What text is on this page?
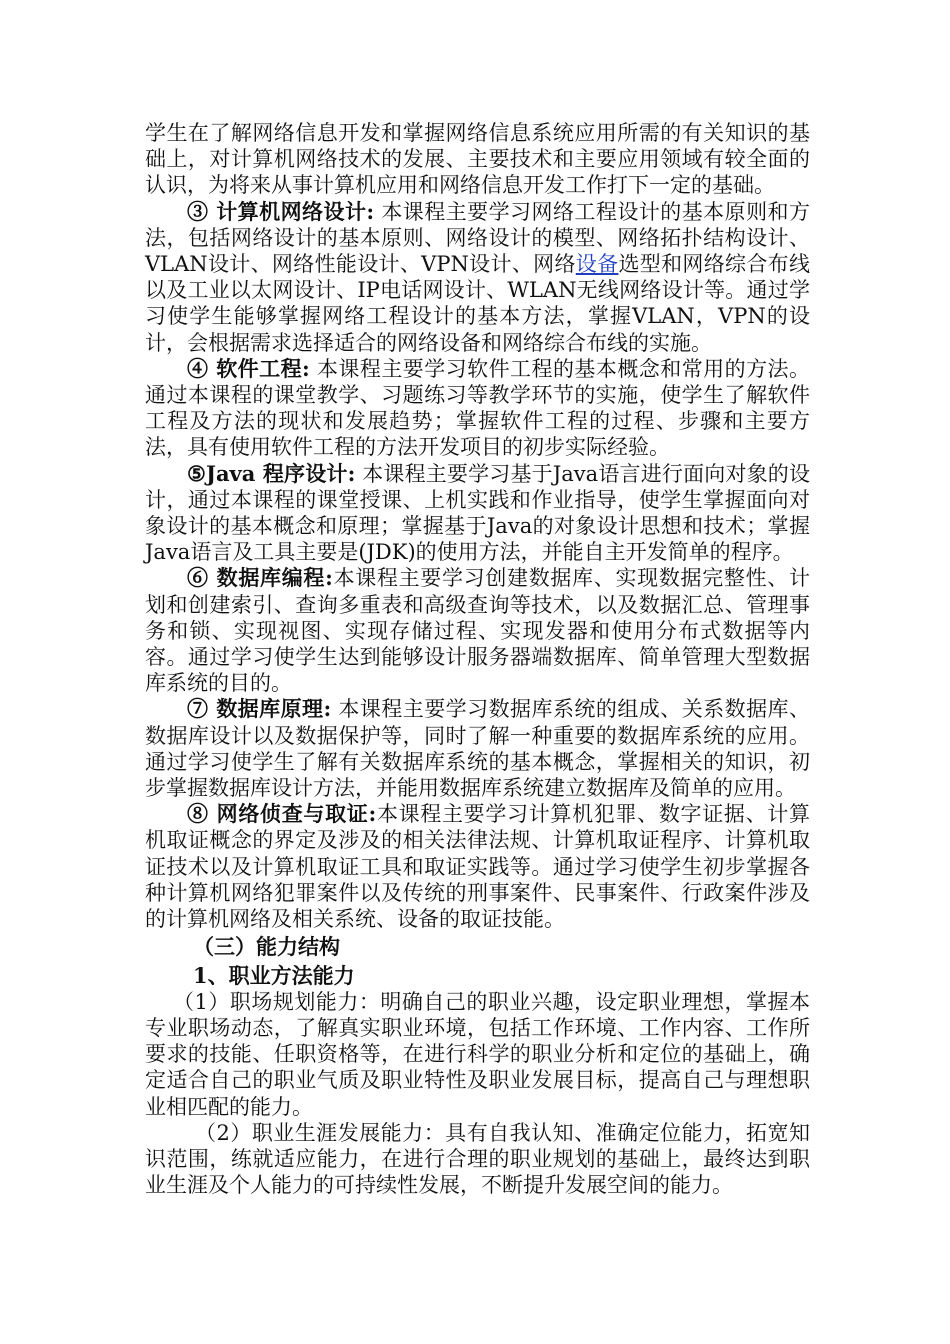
学生在了解网络信息开发和掌握网络信息系统应用所需的有关知识的基础上，对计算机网络技术的发展、主要技术和主要应用领域有较全面的认识，为将来从事计算机应用和网络信息开发工作打下一定的基础。

③ 计算机网络设计: 本课程主要学习网络工程设计的基本原则和方法，包括网络设计的基本原则、网络设计的模型、网络拓扑结构设计、VLAN设计、网络性能设计、VPN设计、网络设备选型和网络综合布线以及工业以太网设计、IP电话网设计、WLAN无线网络设计等。通过学习使学生能够掌握网络工程设计的基本方法，掌握VLAN，VPN的设计，会根据需求选择适合的网络设备和网络综合布线的实施。

④ 软件工程: 本课程主要学习软件工程的基本概念和常用的方法。通过本课程的课堂教学、习题练习等教学环节的实施，使学生了解软件工程及方法的现状和发展趋势；掌握软件工程的过程、步骤和主要方法，具有使用软件工程的方法开发项目的初步实际经验。

⑤Java 程序设计: 本课程主要学习基于Java语言进行面向对象的设计，通过本课程的课堂授课、上机实践和作业指导，使学生掌握面向对象设计的基本概念和原理；掌握基于Java的对象设计思想和技术；掌握Java语言及工具主要是(JDK)的使用方法，并能自主开发简单的程序。

⑥ 数据库编程:本课程主要学习创建数据库、实现数据完整性、计划和创建索引、查询多重表和高级查询等技术，以及数据汇总、管理事务和锁、实现视图、实现存储过程、实现发器和使用分布式数据等内容。通过学习使学生达到能够设计服务器端数据库、简单管理大型数据库系统的目的。

⑦ 数据库原理: 本课程主要学习数据库系统的组成、关系数据库、数据库设计以及数据保护等，同时了解一种重要的数据库系统的应用。通过学习使学生了解有关数据库系统的基本概念，掌握相关的知识，初步掌握数据库设计方法，并能用数据库系统建立数据库及简单的应用。

⑧ 网络侦查与取证:本课程主要学习计算机犯罪、数字证据、计算机取证概念的界定及涉及的相关法律法规、计算机取证程序、计算机取证技术以及计算机取证工具和取证实践等。通过学习使学生初步掌握各种计算机网络犯罪案件以及传统的刑事案件、民事案件、行政案件涉及的计算机网络及相关系统、设备的取证技能。

（三）能力结构

1、职业方法能力

（1）职场规划能力：明确自己的职业兴趣，设定职业理想，掌握本专业职场动态，了解真实职业环境，包括工作环境、工作内容、工作所要求的技能、任职资格等，在进行科学的职业分析和定位的基础上，确定适合自己的职业气质及职业特性及职业发展目标，提高自己与理想职业相匹配的能力。

（2）职业生涯发展能力：具有自我认知、准确定位能力，拓宽知识范围，练就适应能力，在进行合理的职业规划的基础上，最终达到职业生涯及个人能力的可持续性发展，不断提升发展空间的能力。
